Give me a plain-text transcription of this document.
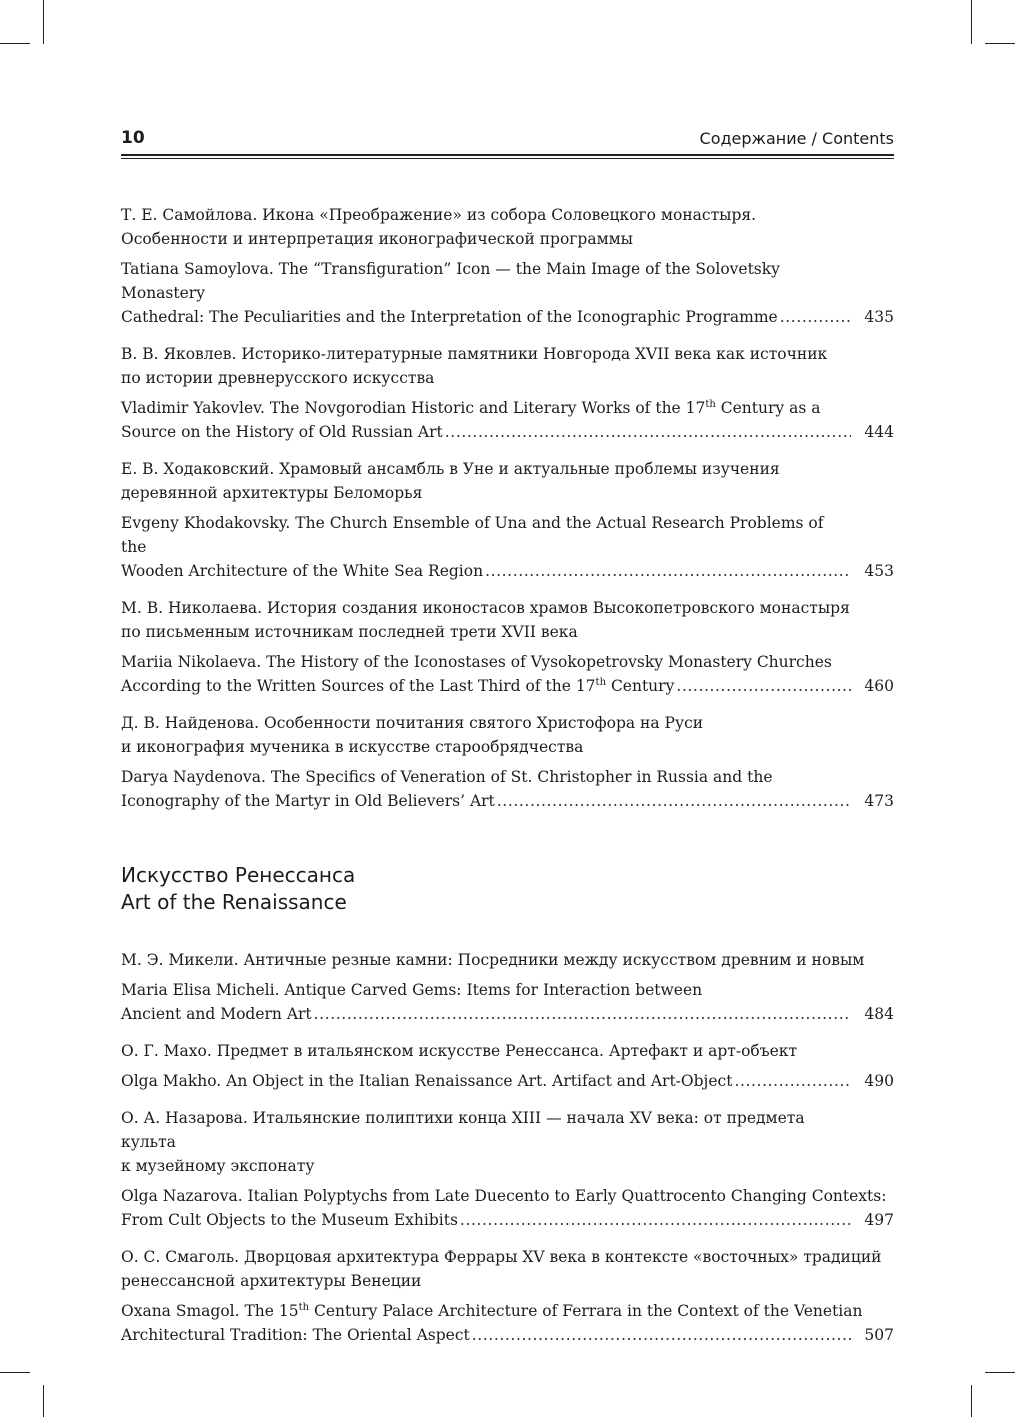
10	Содержание / Contents
Т. Е. Самойлова. Икона «Преображение» из собора Соловецкого монастыря.
Особенности и интерпретация иконографической программы
Tatiana Samoylova. The “Transfiguration” Icon — the Main Image of the Solovetsky Monastery
Cathedral: The Peculiarities and the Interpretation of the Iconographic Programme .....	435
В. В. Яковлев. Историко-литературные памятники Новгорода XVII века как источник
по истории древнерусского искусства
Vladimir Yakovlev. The Novgorodian Historic and Literary Works of the 17th Century as a
Source on the History of Old Russian Art .....	444
Е. В. Ходаковский. Храмовый ансамбль в Уне и актуальные проблемы изучения
деревянной архитектуры Беломорья
Evgeny Khodakovsky. The Church Ensemble of Una and the Actual Research Problems of the
Wooden Architecture of the White Sea Region .....	453
М. В. Николаева. История создания иконостасов храмов Высокопетровского монастыря
по письменным источникам последней трети XVII века
Mariia Nikolaeva. The History of the Iconostases of Vysokopetrovsky Monastery Churches
According to the Written Sources of the Last Third of the 17th Century .....	460
Д. В. Найденова. Особенности почитания святого Христофора на Руси
и иконография мученика в искусстве старообрядчества
Darya Naydenova. The Specifics of Veneration of St. Christopher in Russia and the
Iconography of the Martyr in Old Believers’ Art .....	473
Искусство Ренессанса
Art of the Renaissance
М. Э. Микели. Античные резные камни: Посредники между искусством древним и новым
Maria Elisa Micheli. Antique Carved Gems: Items for Interaction between
Ancient and Modern Art .....	484
О. Г. Махо. Предмет в итальянском искусстве Ренессанса. Артефакт и арт-объект
Olga Makho. An Object in the Italian Renaissance Art. Artifact and Art-Object .....	490
О. А. Назарова. Итальянские полиптихи конца XIII — начала XV века: от предмета культа
к музейному экспонату
Olga Nazarova. Italian Polyptychs from Late Duecento to Early Quattrocento Changing Contexts:
From Cult Objects to the Museum Exhibits .....	497
О. С. Смаголь. Дворцовая архитектура Феррары XV века в контексте «восточных» традиций
ренессансной архитектуры Венеции
Oxana Smagol. The 15th Century Palace Architecture of Ferrara in the Context of the Venetian
Architectural Tradition: The Oriental Aspect .....	507
